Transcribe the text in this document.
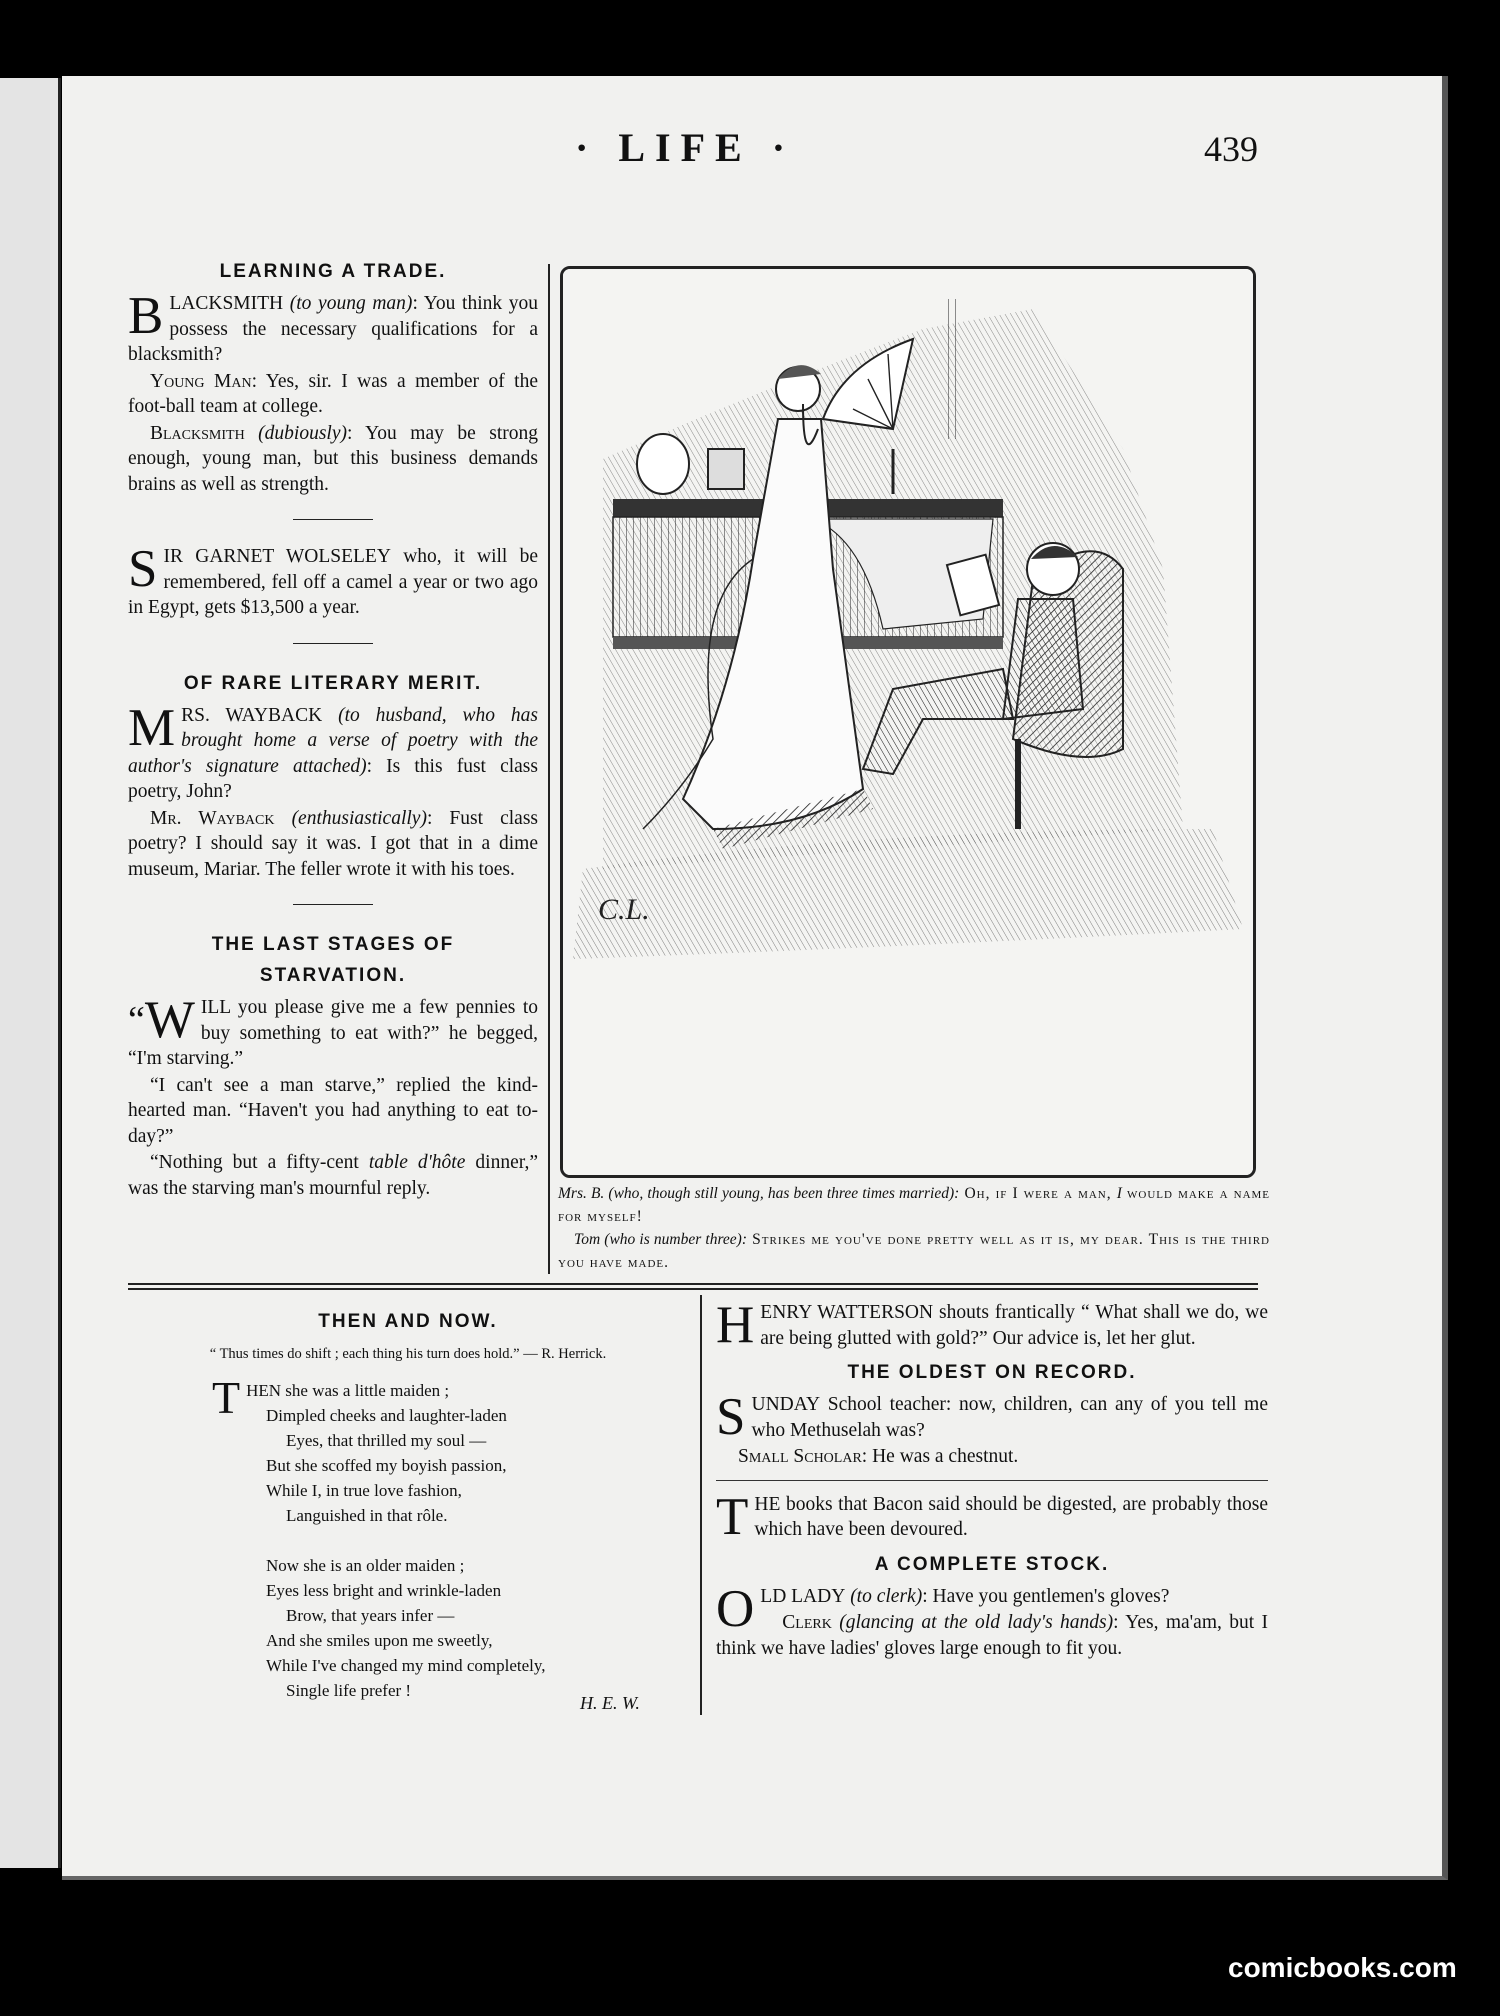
· LIFE ·	439
LEARNING A TRADE.

BLACKSMITH (to young man): You think you possess the necessary qualifications for a blacksmith?

Young Man: Yes, sir. I was a member of the foot-ball team at college.

Blacksmith (dubiously): You may be strong enough, young man, but this business demands brains as well as strength.

SIR GARNET WOLSELEY who, it will be remembered, fell off a camel a year or two ago in Egypt, gets $13,500 a year.

OF RARE LITERARY MERIT.

MRS. WAYBACK (to husband, who has brought home a verse of poetry with the author's signature attached): Is this fust class poetry, John?

Mr. Wayback (enthusiastically): Fust class poetry? I should say it was. I got that in a dime museum, Mariar. The feller wrote it with his toes.

THE LAST STAGES OF
STARVATION.

“ W ILL you please give me a few pennies to buy something to eat with?” he begged, “I'm starving.”

“I can't see a man starve,” replied the kind-hearted man. “Haven't you had anything to eat to-day?”

“Nothing but a fifty-cent table d'hôte dinner,” was the starving man's mournful reply.

C.L.
Mrs. B. (who, though still young, has been three times married): Oh, if I were a man, I would make a name for myself!
Tom (who is number three): Strikes me you've done pretty well as it is, my dear. This is the third you have made.
THEN AND NOW.
“ Thus times do shift ; each thing his turn does hold.” — R. Herrick.
THEN she was a little maiden ;
Dimpled cheeks and laughter-laden
Eyes, that thrilled my soul —
But she scoffed my boyish passion,
While I, in true love fashion,
Languished in that rôle.
Now she is an older maiden ;
Eyes less bright and wrinkle-laden
Brow, that years infer —
And she smiles upon me sweetly,
While I've changed my mind completely,
Single life prefer !
H. E. W.

HENRY WATTERSON shouts frantically “ What shall we do, we are being glutted with gold?” Our advice is, let her glut.

THE OLDEST ON RECORD.

SUNDAY School teacher: now, children, can any of you tell me who Methuselah was?

Small Scholar: He was a chestnut.

THE books that Bacon said should be digested, are probably those which have been devoured.

A COMPLETE STOCK.

OLD LADY (to clerk): Have you gentlemen's gloves?

Clerk (glancing at the old lady's hands): Yes, ma'am, but I think we have ladies' gloves large enough to fit you.

comicbooks.com
